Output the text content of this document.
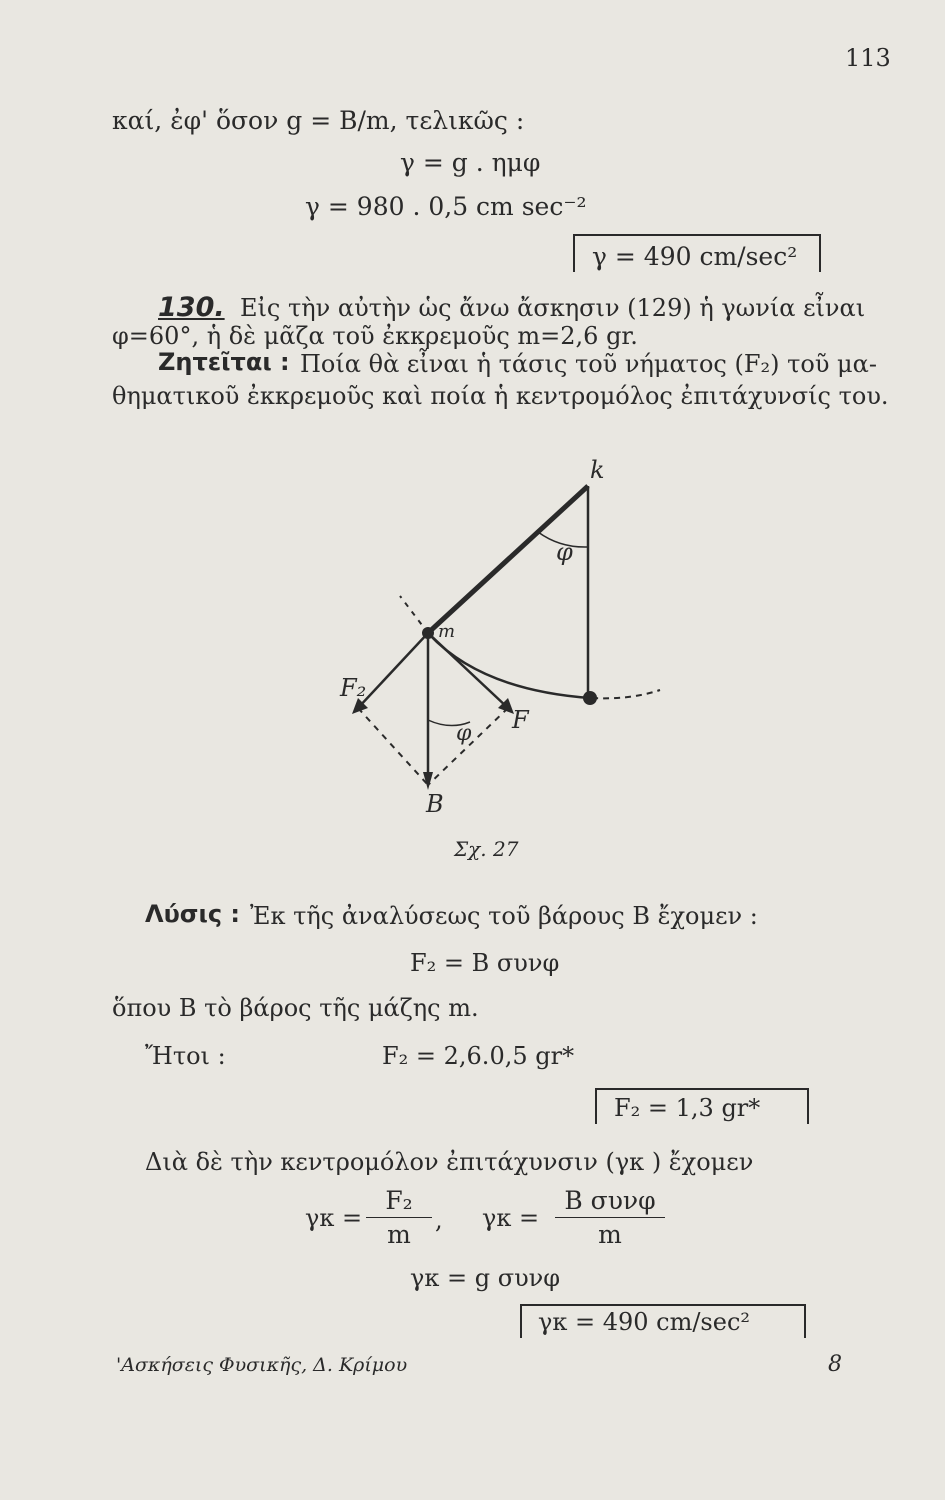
113
καί, ἐφ' ὅσον g = B/m, τελικῶς :
γ = g . ημφ
γ = 980 . 0,5 cm sec⁻²
γ = 490 cm/sec²
130. Εἰς τὴν αὐτὴν ὡς ἄνω ἄσκησιν (129) ἡ γωνία εἶναι
φ=60°, ἡ δὲ μᾶζα τοῦ ἐκκρεμοῦς m=2,6 gr.
Ζητεῖται : Ποία θὰ εἶναι ἡ τάσις τοῦ νήματος (F₂) τοῦ μα-
θηματικοῦ ἐκκρεμοῦς καὶ ποία ἡ κεντρομόλος ἐπιτάχυνσίς του.
k
m
φ
φ F
F₂
B
Σχ. 27
Λύσις : Ἐκ τῆς ἀναλύσεως τοῦ βάρους Β ἔχομεν :
F₂ = Β συνφ
ὅπου Β τὸ βάρος τῆς μάζης m.
Ἤτοι :	F₂ = 2,6.0,5 gr*
F₂ = 1,3 gr*
Διὰ δὲ τὴν κεντρομόλον ἐπιτάχυνσιν (γκ ) ἔχομεν
γκ =
F₂
m	, γκ =
B συνφ
m
γκ = g συνφ
γκ = 490 cm/sec²
'Ασκήσεις Φυσικῆς, Δ. Κρίμου	8
